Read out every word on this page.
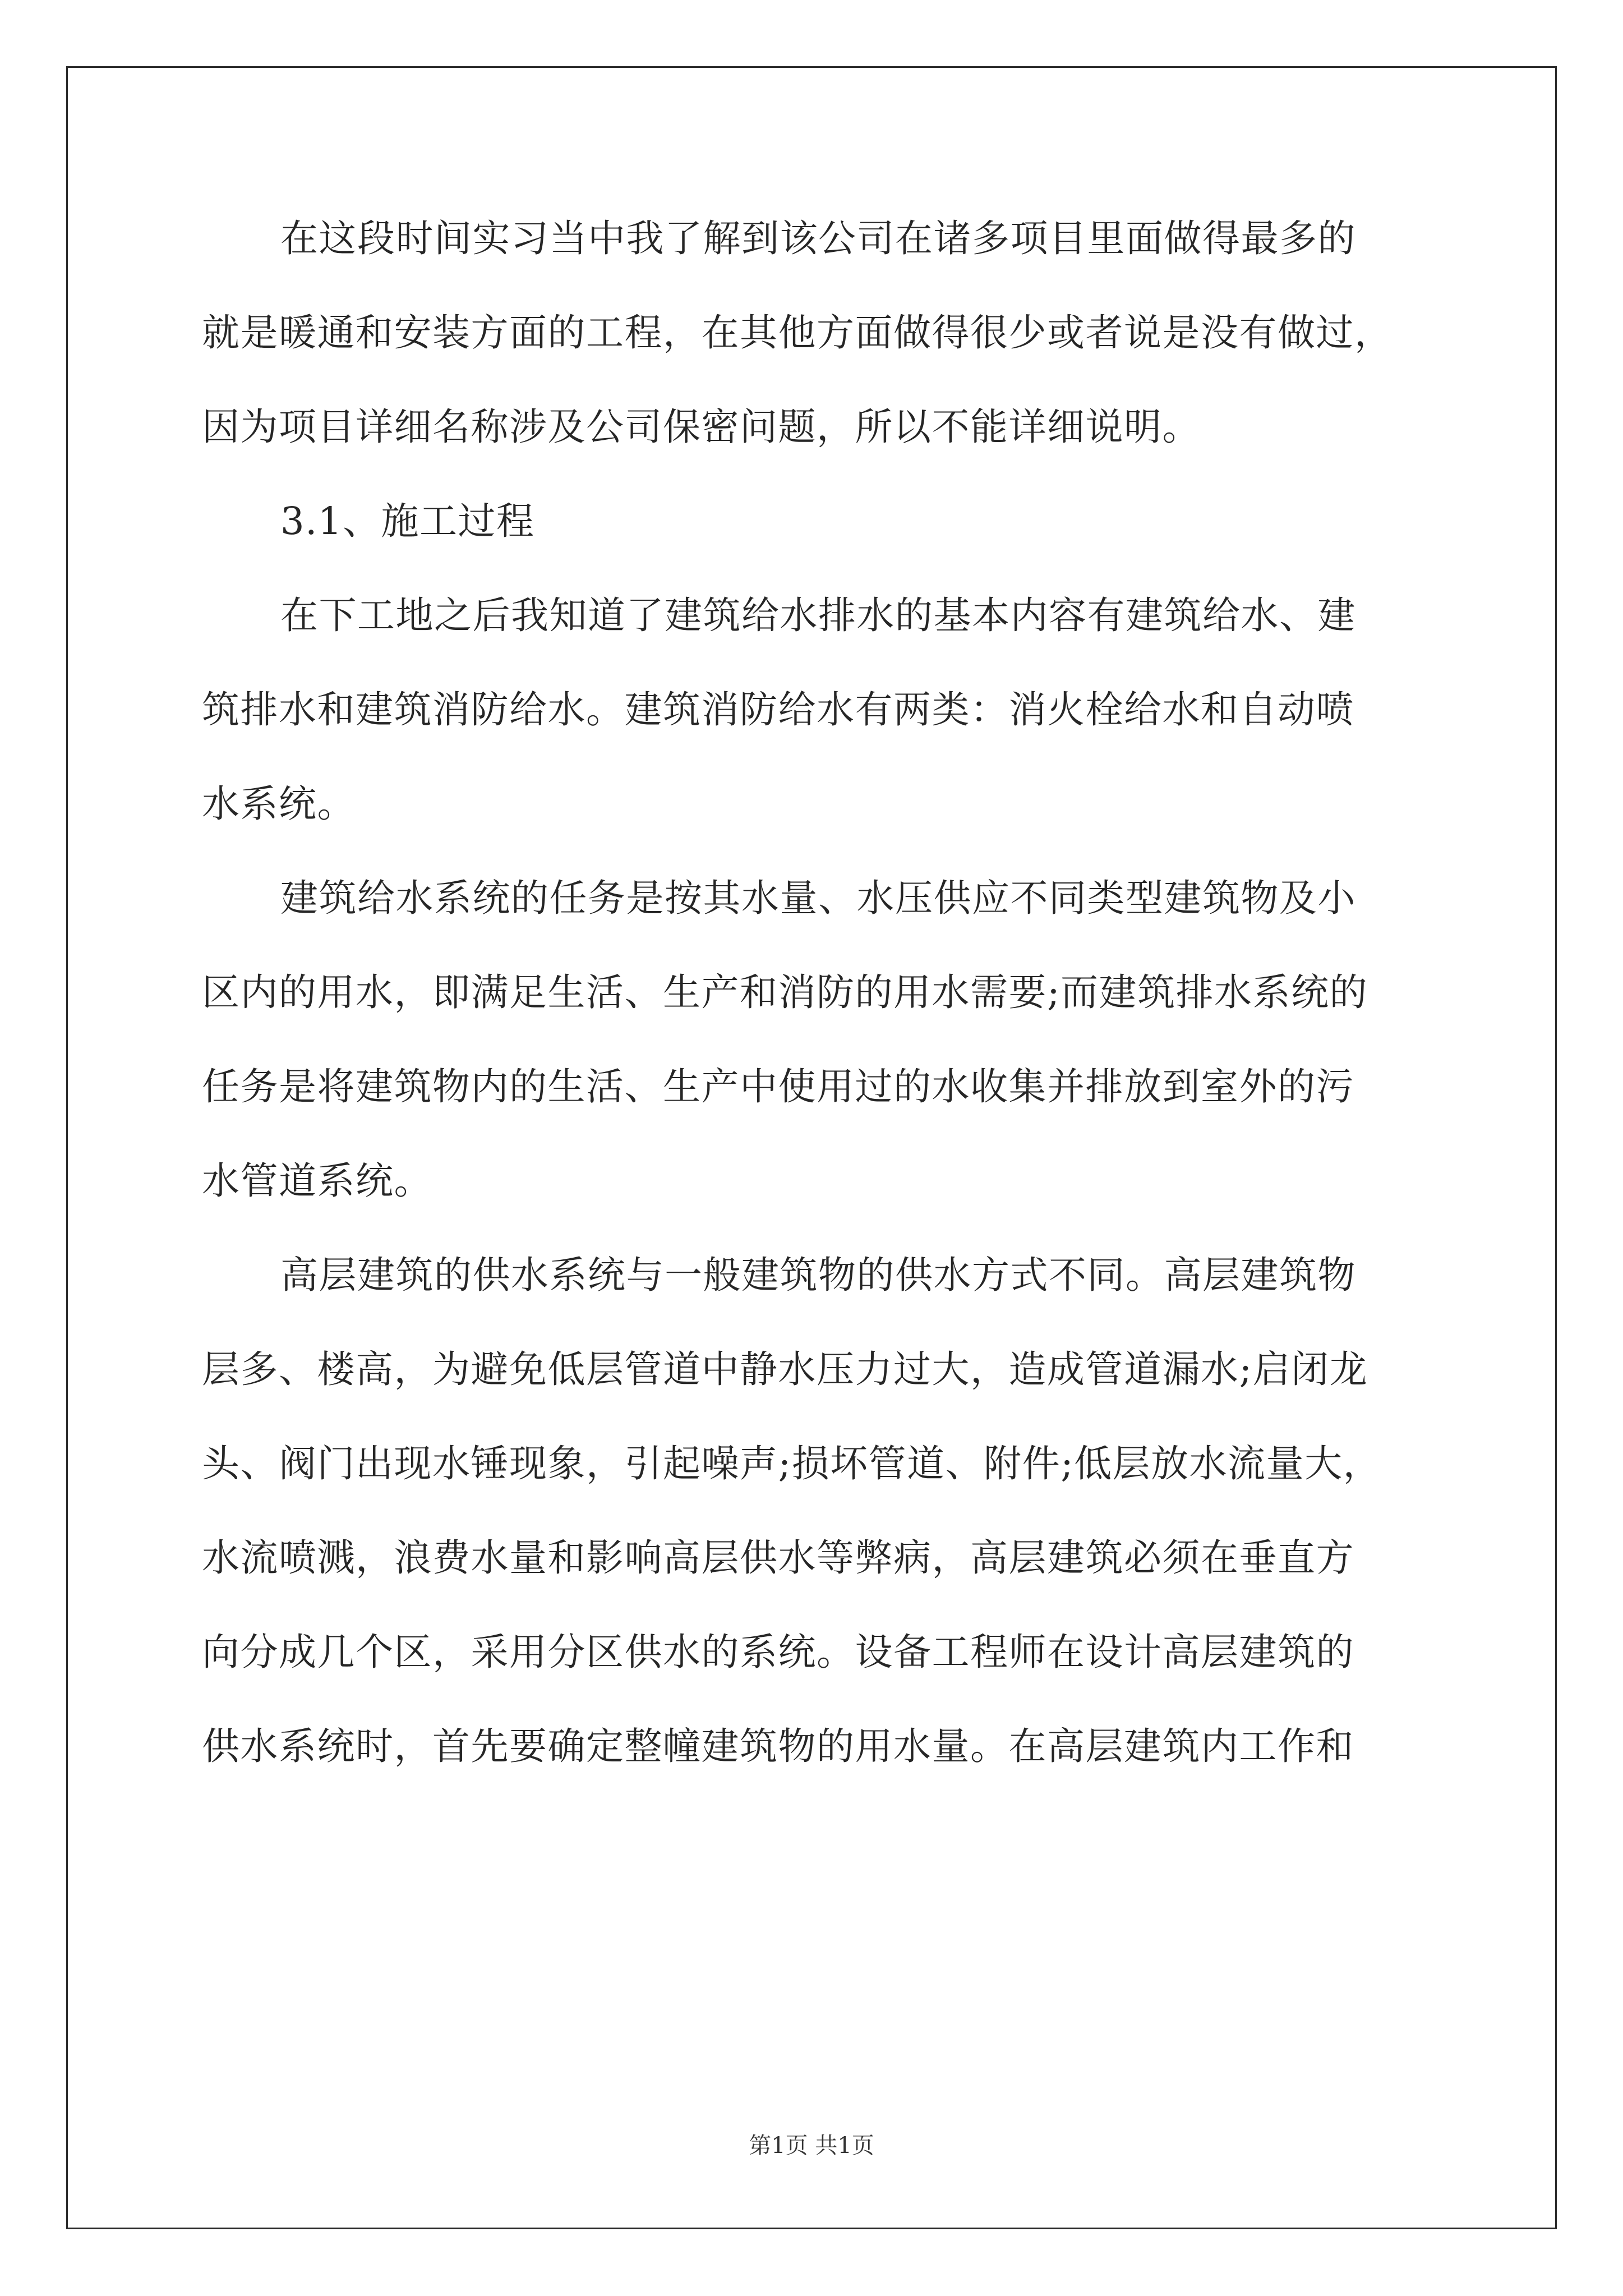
在这段时间实习当中我了解到该公司在诸多项目里面做得最多的
就是暖通和安装方面的工程，在其他方面做得很少或者说是没有做过，
因为项目详细名称涉及公司保密问题，所以不能详细说明。
3.1、施工过程
在下工地之后我知道了建筑给水排水的基本内容有建筑给水、建
筑排水和建筑消防给水。建筑消防给水有两类：消火栓给水和自动喷
水系统。
建筑给水系统的任务是按其水量、水压供应不同类型建筑物及小
区内的用水，即满足生活、生产和消防的用水需要;而建筑排水系统的
任务是将建筑物内的生活、生产中使用过的水收集并排放到室外的污
水管道系统。
高层建筑的供水系统与一般建筑物的供水方式不同。高层建筑物
层多、楼高，为避免低层管道中静水压力过大，造成管道漏水;启闭龙
头、阀门出现水锤现象，引起噪声;损坏管道、附件;低层放水流量大，
水流喷溅，浪费水量和影响高层供水等弊病，高层建筑必须在垂直方
向分成几个区，采用分区供水的系统。设备工程师在设计高层建筑的
供水系统时，首先要确定整幢建筑物的用水量。在高层建筑内工作和
第1页 共1页
